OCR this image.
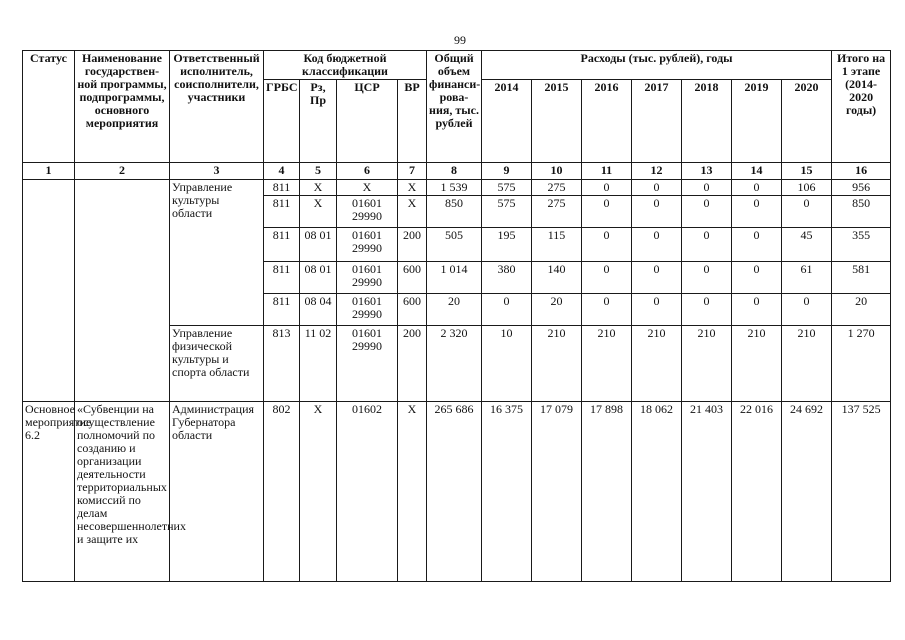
99
Статус	Наименование государствен-ной программы, подпрограммы, основного мероприятия	Ответственный исполнитель, соисполнители, участники	Код бюджетной классификации				Общий объем финанси-рова-ния, тыс. рублей	Расходы (тыс. рублей), годы							Итого на 1 этапе (2014-2020 годы)
			ГРБС	Рз, Пр	ЦСР	ВР		2014	2015	2016	2017	2018	2019	2020	
1	2	3	4	5	6	7	8	9	10	11	12	13	14	15	16
		Управление культуры области	811	Х	Х	Х	1 539	575	275	0	0	0	0	106	956
			811	Х	01601 29990	Х	850	575	275	0	0	0	0	0	850
			811	08 01	01601 29990	200	505	195	115	0	0	0	0	45	355
			811	08 01	01601 29990	600	1 014	380	140	0	0	0	0	61	581
			811	08 04	01601 29990	600	20	0	20	0	0	0	0	0	20
		Управление физической культуры и спорта области	813	11 02	01601 29990	200	2 320	10	210	210	210	210	210	210	1 270
Основное мероприятие 6.2	«Субвенции на осуществление полномочий по созданию и организации деятельности территориальных комиссий по делам несовершеннолетних и защите их	Администрация Губернатора области	802	Х	01602	Х	265 686	16 375	17 079	17 898	18 062	21 403	22 016	24 692	137 525
